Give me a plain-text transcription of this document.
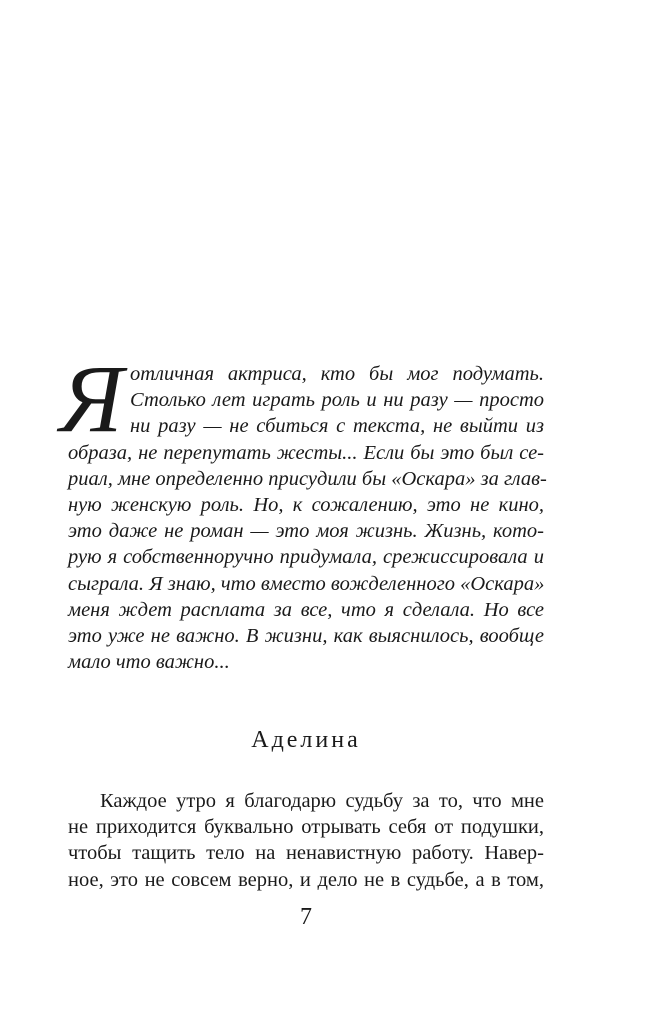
Я отличная актриса, кто бы мог подумать.
Столько лет играть роль и ни разу — просто
ни разу — не сбиться с текста, не выйти из
образа, не перепутать жесты... Если бы это был се-
риал, мне определенно присудили бы «Оскара» за глав-
ную женскую роль. Но, к сожалению, это не кино,
это даже не роман — это моя жизнь. Жизнь, кото-
рую я собственноручно придумала, срежиссировала и
сыграла. Я знаю, что вместо вожделенного «Оскара»
меня ждет расплата за все, что я сделала. Но все
это уже не важно. В жизни, как выяснилось, вообще
мало что важно...
Аделина
Каждое утро я благодарю судьбу за то, что мне
не приходится буквально отрывать себя от подушки,
чтобы тащить тело на ненавистную работу. Навер-
ное, это не совсем верно, и дело не в судьбе, а в том,
7
